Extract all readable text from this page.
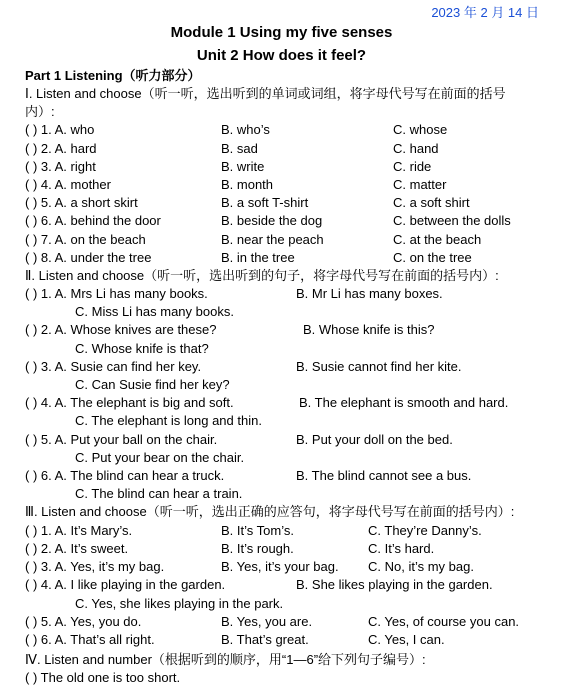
2023 年 2 月 14 日
Module 1 Using my five senses
Unit 2 How does it feel?
Part 1 Listening（听力部分）
Ⅰ. Listen and choose（听一听，选出听到的单词或词组，将字母代号写在前面的括号
内）:
( ) 1. A. who	B. who’s	C. whose
( ) 2. A. hard	B. sad	C. hand
( ) 3. A. right	B. write	C. ride
( ) 4. A. mother	B. month	C. matter
( ) 5. A. a short skirt	B. a soft T-shirt	C. a soft shirt
( ) 6. A. behind the door	B. beside the dog	C. between the dolls
( ) 7. A. on the beach	B. near the peach	C. at the beach
( ) 8. A. under the tree	B. in the tree	C. on the tree
Ⅱ. Listen and choose（听一听，选出听到的句子，将字母代号写在前面的括号内）:
( ) 1. A. Mrs Li has many books.	B. Mr Li has many boxes.
C. Miss Li has many books.
( ) 2. A. Whose knives are these?	B. Whose knife is this?
C. Whose knife is that?
( ) 3. A. Susie can find her key.	B. Susie cannot find her kite.
C. Can Susie find her key?
( ) 4. A. The elephant is big and soft.	B. The elephant is smooth and hard.
C. The elephant is long and thin.
( ) 5. A. Put your ball on the chair.	B. Put your doll on the bed.
C. Put your bear on the chair.
( ) 6. A. The blind can hear a truck.	B. The blind cannot see a bus.
C. The blind can hear a train.
Ⅲ. Listen and choose（听一听，选出正确的应答句，将字母代号写在前面的括号内）:
( ) 1. A. It’s Mary’s.	B. It’s Tom’s.	C. They’re Danny’s.
( ) 2. A. It’s sweet.	B. It’s rough.	C. It’s hard.
( ) 3. A. Yes, it’s my bag.	B. Yes, it’s your bag. C. No, it’s my bag.
( ) 4. A. I like playing in the garden.	B. She likes playing in the garden.
C. Yes, she likes playing in the park.
( ) 5. A. Yes, you do.	B. Yes, you are.	C. Yes, of course you can.
( ) 6. A. That’s all right.	B. That’s great.	C. Yes, I can.
Ⅳ. Listen and number（根据听到的顺序，用“1—6”给下列句子编号）:
( ) The old one is too short.
